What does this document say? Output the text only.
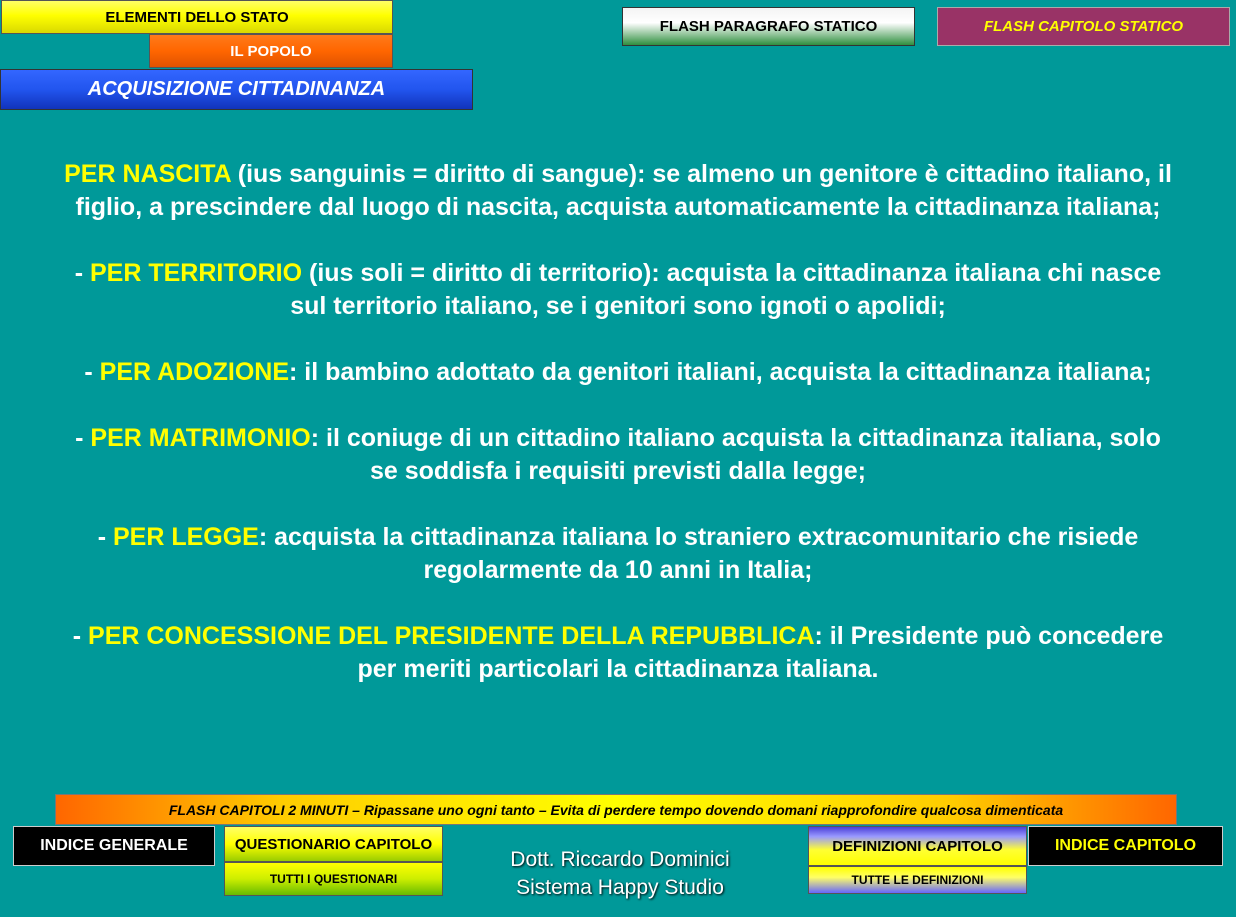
ELEMENTI DELLO STATO
IL POPOLO
ACQUISIZIONE CITTADINANZA
FLASH PARAGRAFO STATICO	FLASH CAPITOLO STATICO

PER NASCITA (ius sanguinis = diritto di sangue): se almeno un genitore è cittadino italiano, il figlio, a prescindere dal luogo di nascita, acquista automaticamente la cittadinanza italiana;

- PER TERRITORIO (ius soli = diritto di territorio): acquista la cittadinanza italiana chi nasce sul territorio italiano, se i genitori sono ignoti o apolidi;

- PER ADOZIONE: il bambino adottato da genitori italiani, acquista la cittadinanza italiana;

- PER MATRIMONIO: il coniuge di un cittadino italiano acquista la cittadinanza italiana, solo se soddisfa i requisiti previsti dalla legge;

- PER LEGGE: acquista la cittadinanza italiana lo straniero extracomunitario che risiede regolarmente da 10 anni in Italia;

- PER CONCESSIONE DEL PRESIDENTE DELLA REPUBBLICA: il Presidente può concedere per meriti particolari la cittadinanza italiana.

FLASH CAPITOLI 2 MINUTI – Ripassane uno ogni tanto – Evita di perdere tempo dovendo domani riapprofondire qualcosa dimenticata
INDICE GENERALE	QUESTIONARIO CAPITOLO
TUTTI I QUESTIONARI
Dott. Riccardo Dominici
Sistema Happy Studio
DEFINIZIONI CAPITOLO
TUTTE LE DEFINIZIONI
INDICE CAPITOLO
